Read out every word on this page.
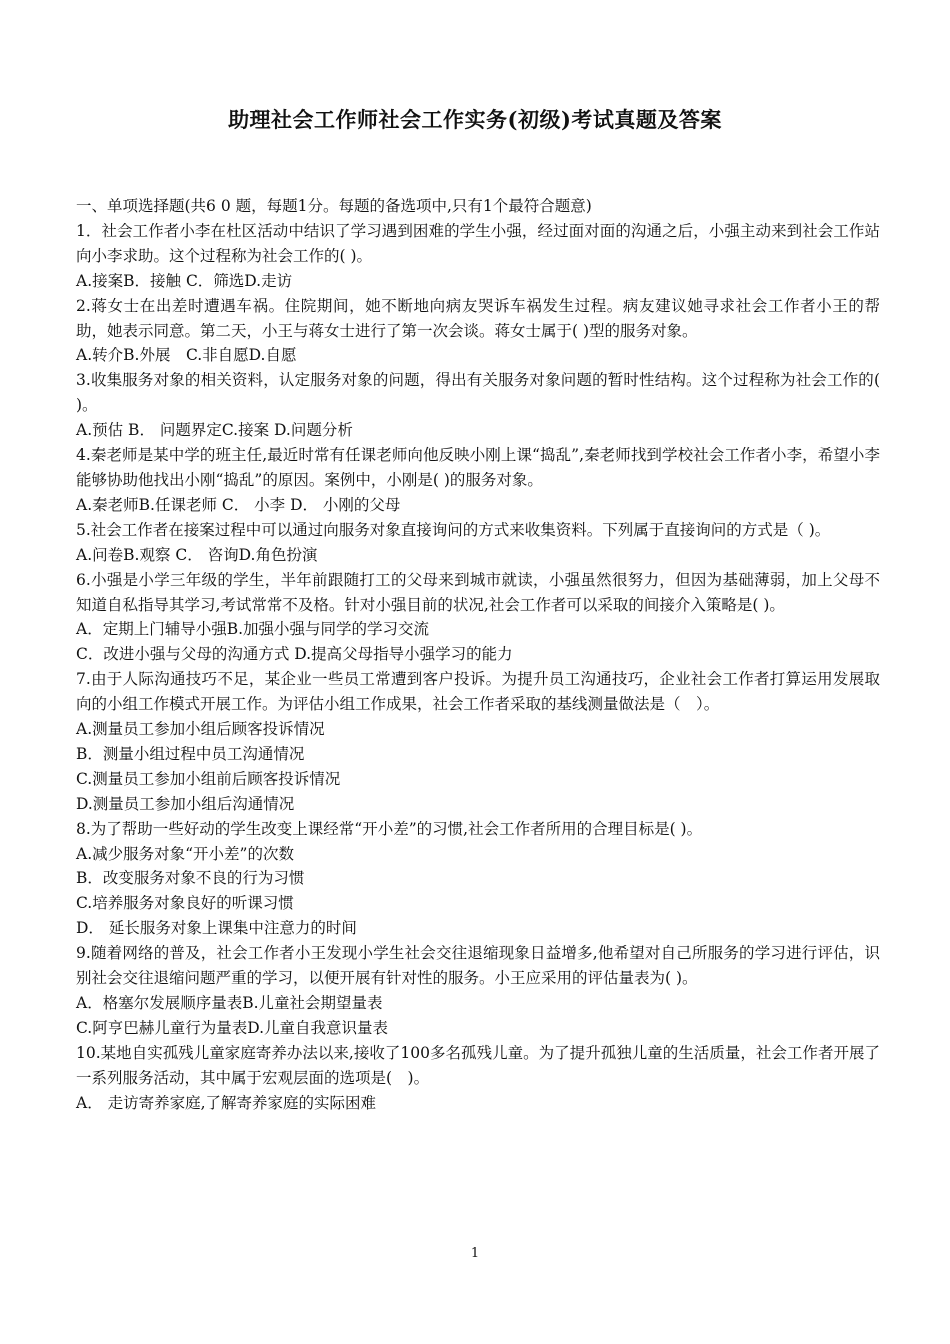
助理社会工作师社会工作实务(初级)考试真题及答案
一、单项选择题(共6 0 题，每题1分。每题的备选项中,只有1个最符合题意)
1．社会工作者小李在杜区活动中结识了学习遇到困难的学生小强，经过面对面的沟通之后，小强主动来到社会工作站向小李求助。这个过程称为社会工作的( )。
A.接案B．接触 C．筛选D.走访
2.蒋女士在出差时遭遇车祸。住院期间，她不断地向病友哭诉车祸发生过程。病友建议她寻求社会工作者小王的帮助，她表示同意。第二天，小王与蒋女士进行了第一次会谈。蒋女士属于( )型的服务对象。
A.转介B.外展　C.非自愿D.自愿
3.收集服务对象的相关资料，认定服务对象的问题，得出有关服务对象问题的暂时性结构。这个过程称为社会工作的( )。
A.预估 B． 问题界定C.接案 D.问题分析
4.秦老师是某中学的班主任,最近时常有任课老师向他反映小刚上课“捣乱”,秦老师找到学校社会工作者小李，希望小李能够协助他找出小刚“捣乱”的原因。案例中，小刚是( )的服务对象。
A.秦老师B.任课老师 C． 小李 D． 小刚的父母
5.社会工作者在接案过程中可以通过向服务对象直接询问的方式来收集资料。下列属于直接询问的方式是（ )。
A.问卷B.观察 C． 咨询D.角色扮演
6.小强是小学三年级的学生，半年前跟随打工的父母来到城市就读，小强虽然很努力，但因为基础薄弱，加上父母不知道自私指导其学习,考试常常不及格。针对小强目前的状况,社会工作者可以采取的间接介入策略是( )。
A．定期上门辅导小强B.加强小强与同学的学习交流
C．改进小强与父母的沟通方式 D.提高父母指导小强学习的能力
7.由于人际沟通技巧不足，某企业一些员工常遭到客户投诉。为提升员工沟通技巧，企业社会工作者打算运用发展取向的小组工作模式开展工作。为评估小组工作成果，社会工作者采取的基线测量做法是（　）。
A.测量员工参加小组后顾客投诉情况
B．测量小组过程中员工沟通情况
C.测量员工参加小组前后顾客投诉情况
D.测量员工参加小组后沟通情况
8.为了帮助一些好动的学生改变上课经常“开小差”的习惯,社会工作者所用的合理目标是( )。
A.减少服务对象“开小差”的次数
B．改变服务对象不良的行为习惯
C.培养服务对象良好的听课习惯
D． 延长服务对象上课集中注意力的时间
9.随着网络的普及，社会工作者小王发现小学生社会交往退缩现象日益增多,他希望对自己所服务的学习进行评估，识别社会交往退缩问题严重的学习，以便开展有针对性的服务。小王应采用的评估量表为( )。
A．格塞尔发展顺序量表B.儿童社会期望量表
C.阿亨巴赫儿童行为量表D.儿童自我意识量表
10.某地自实孤残儿童家庭寄养办法以来,接收了100多名孤残儿童。为了提升孤独儿童的生活质量，社会工作者开展了一系列服务活动，其中属于宏观层面的选项是(　)。
A． 走访寄养家庭,了解寄养家庭的实际困难
1
